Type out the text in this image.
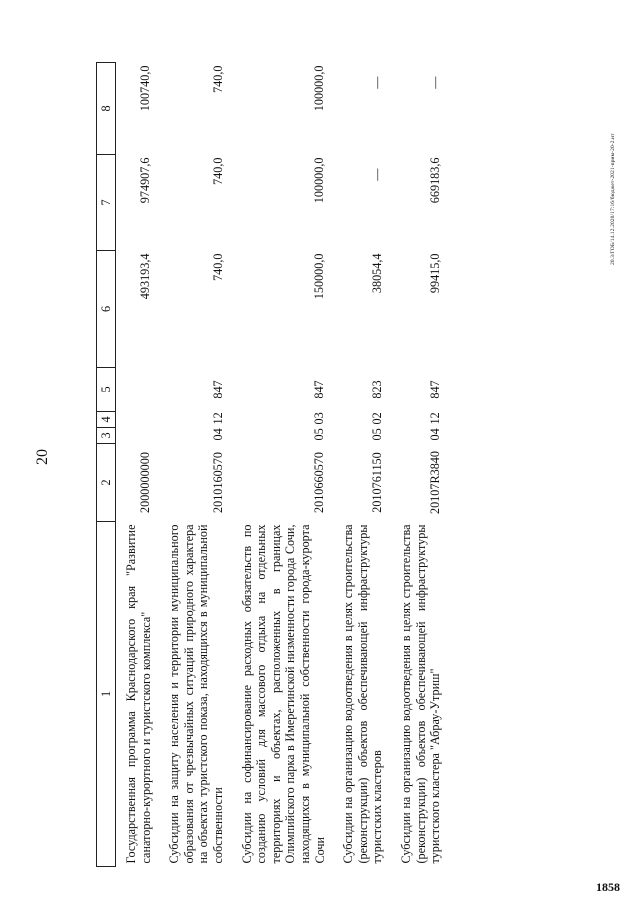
20
1	2	3	4	5	6	7	8
Государственная программа Краснодарского края "Развитие санаторно-курортного и туристского комплекса"	2000000000				493193,4	974907,6	100740,0
Субсидии на защиту населения и территории муниципального образования от чрезвычайных ситуаций природного характера на объектах туристского показа, находящихся в муниципальной собственности	2010160570	04	12	847	740,0	740,0	740,0
Субсидии на софинансирование расходных обязательств по созданию условий для массового отдыха на отдельных территориях и объектах, расположенных в границах Олимпийского парка в Имеретинской низменности города Сочи, находящихся в муниципальной собственности города-курорта Сочи	2010660570	05	03	847	150000,0	100000,0	100000,0
Субсидии на организацию водоотведения в целях строительства (реконструкции) объектов обеспечивающей инфраструктуры туристских кластеров	2010761150	05	02	823	38054,4	—	—
Субсидии на организацию водоотведения в целях строительства (реконструкции) объектов обеспечивающей инфраструктуры туристского кластера "Абрау-Утриш"	20107R3840	04	12	847	99415,0	669183,6	—
20.3/ГОБ/14.12.2020/17:16/бюджет-2021-прим-20-2.ит
1858
